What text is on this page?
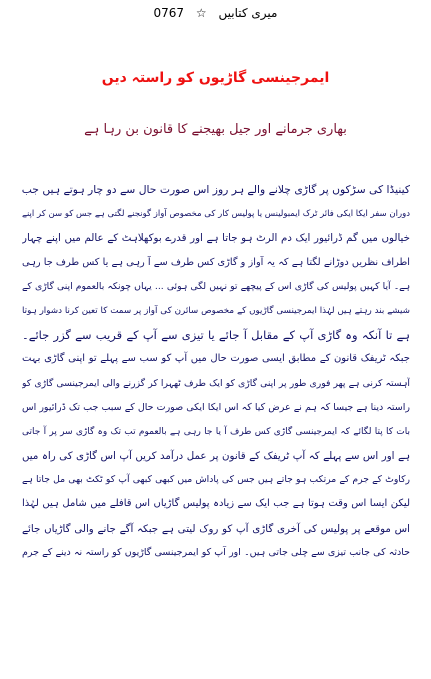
میری کتابیں ☆ 0767
ایمرجینسی گاڑیوں کو راستہ دیں
بھاری جرمانے اور جیل بھیجنے کا قانون بن رہا ہے
کینیڈا کی سڑکوں پر گاڑی چلانے والے ہر روز اس صورت حال سے دو چار ہوتے ہیں جب
دوران سفر ایکا ایکی فائر ٹرک ایمبولینس یا پولیس کار کی مخصوص آواز گونجنے لگتی ہے جس کو سن کر اپنے
خیالوں میں گم ڈرائیور ایک دم الرٹ ہو جاتا ہے اور قدرے بوکھلاہٹ کے عالم میں اپنے چہار
اطراف نظریں دوڑانے لگتا ہے کہ یہ آواز و گاڑی کس طرف سے آ رہی ہے یا کس طرف جا رہی
ہے۔ آیا کہیں پولیس کی گاڑی اس کے پیچھے تو نہیں لگی ہوئی ... یہاں چونکہ بالعموم اپنی گاڑی کے
شیشے بند رہتے ہیں لہٰذا ایمرجینسی گاڑیوں کے مخصوص سائرن کی آواز پر سمت کا تعین کرنا دشوار ہوتا
ہے تا آنکہ وہ گاڑی آپ کے مقابل آ جائے یا تیزی سے آپ کے قریب سے گزر جائے۔
جبکہ ٹریفک قانون کے مطابق ایسی صورت حال میں آپ کو سب سے پہلے تو اپنی گاڑی بہت
آہستہ کرنی ہے پھر فوری طور پر اپنی گاڑی کو ایک طرف ٹھہرا کر گزرنے والی ایمرجینسی گاڑی کو
راستہ دینا ہے جیسا کہ ہم نے عرض کیا کہ اس ایکا ایکی صورت حال کے سبب جب تک ڈرائیور اس
بات کا پتا لگائے کہ ایمرجینسی گاڑی کس طرف آ یا جا رہی ہے بالعموم تب تک وہ گاڑی سر پر آ جاتی
ہے اور اس سے پہلے کہ آپ ٹریفک کے قانون پر عمل درآمد کریں آپ اس گاڑی کی راہ میں
رکاوٹ کے جرم کے مرتکب ہو جاتے ہیں جس کی پاداش میں کبھی کبھی آپ کو ٹکٹ بھی مل جاتا ہے
لیکن ایسا اس وقت ہوتا ہے جب ایک سے زیادہ پولیس گاڑیاں اس قافلے میں شامل ہیں لہٰذا
اس موقعے پر پولیس کی آخری گاڑی آپ کو روک لیتی ہے جبکہ آگے جانے والی گاڑیاں جائے
حادثہ کی جانب تیزی سے چلی جاتی ہیں۔ اور آپ کو ایمرجینسی گاڑیوں کو راستہ نہ دینے کے جرم
